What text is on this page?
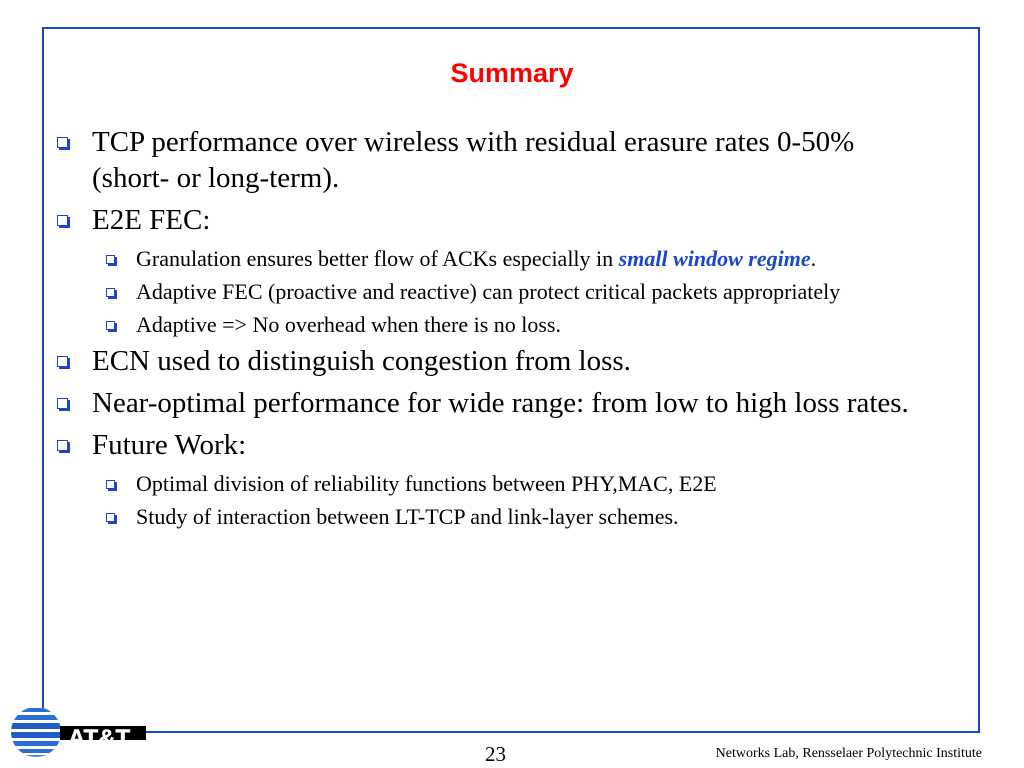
Summary
TCP performance over wireless with residual erasure rates 0-50% (short- or long-term).
E2E FEC:
Granulation ensures better flow of ACKs especially in small window regime.
Adaptive FEC (proactive and reactive) can protect critical packets appropriately
Adaptive => No overhead when there is no loss.
ECN used to distinguish congestion from loss.
Near-optimal performance for wide range: from low to high loss rates.
Future Work:
Optimal division of reliability functions between PHY,MAC, E2E
Study of interaction between LT-TCP and link-layer schemes.
AT&T
23	Networks Lab, Rensselaer Polytechnic Institute
